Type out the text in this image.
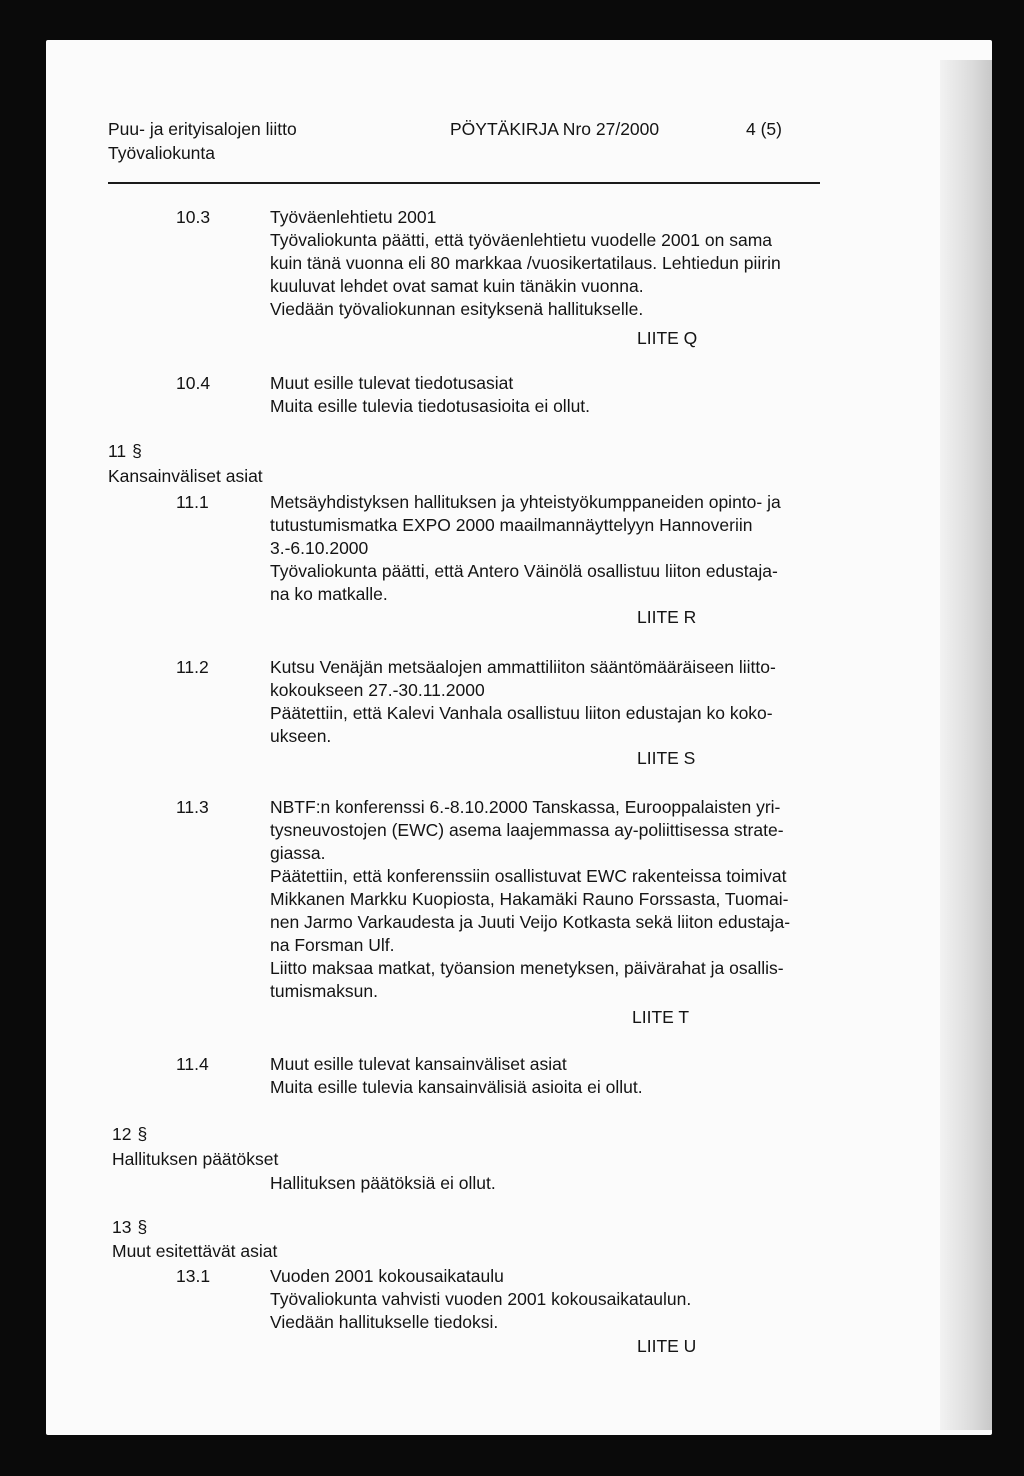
Puu- ja erityisalojen liitto
Työvaliokunta
PÖYTÄKIRJA Nro 27/2000	4 (5)
10.3	Työväenlehtietu 2001
Työvaliokunta päätti, että työväenlehtietu vuodelle 2001 on sama
kuin tänä vuonna eli 80 markkaa /vuosikertatilaus. Lehtiedun piirin
kuuluvat lehdet ovat samat kuin tänäkin vuonna.
Viedään työvaliokunnan esityksenä hallitukselle.
LIITE Q
10.4	Muut esille tulevat tiedotusasiat
Muita esille tulevia tiedotusasioita ei ollut.
11 §
Kansainväliset asiat
11.1	Metsäyhdistyksen hallituksen ja yhteistyökumppaneiden opinto- ja
tutustumismatka EXPO 2000 maailmannäyttelyyn Hannoveriin
3.-6.10.2000
Työvaliokunta päätti, että Antero Väinölä osallistuu liiton edustaja-
na ko matkalle.
LIITE R
11.2	Kutsu Venäjän metsäalojen ammattiliiton sääntömääräiseen liitto-
kokoukseen 27.-30.11.2000
Päätettiin, että Kalevi Vanhala osallistuu liiton edustajan ko koko-
ukseen.
LIITE S
11.3	NBTF:n konferenssi 6.-8.10.2000 Tanskassa, Eurooppalaisten yri-
tysneuvostojen (EWC) asema laajemmassa ay-poliittisessa strate-
giassa.
Päätettiin, että konferenssiin osallistuvat EWC rakenteissa toimivat
Mikkanen Markku Kuopiosta, Hakamäki Rauno Forssasta, Tuomai-
nen Jarmo Varkaudesta ja Juuti Veijo Kotkasta sekä liiton edustaja-
na Forsman Ulf.
Liitto maksaa matkat, työansion menetyksen, päivärahat ja osallis-
tumismaksun.
LIITE T
11.4	Muut esille tulevat kansainväliset asiat
Muita esille tulevia kansainvälisiä asioita ei ollut.
12 §
Hallituksen päätökset
Hallituksen päätöksiä ei ollut.
13 §
Muut esitettävät asiat
13.1	Vuoden 2001 kokousaikataulu
Työvaliokunta vahvisti vuoden 2001 kokousaikataulun.
Viedään hallitukselle tiedoksi.
LIITE U
